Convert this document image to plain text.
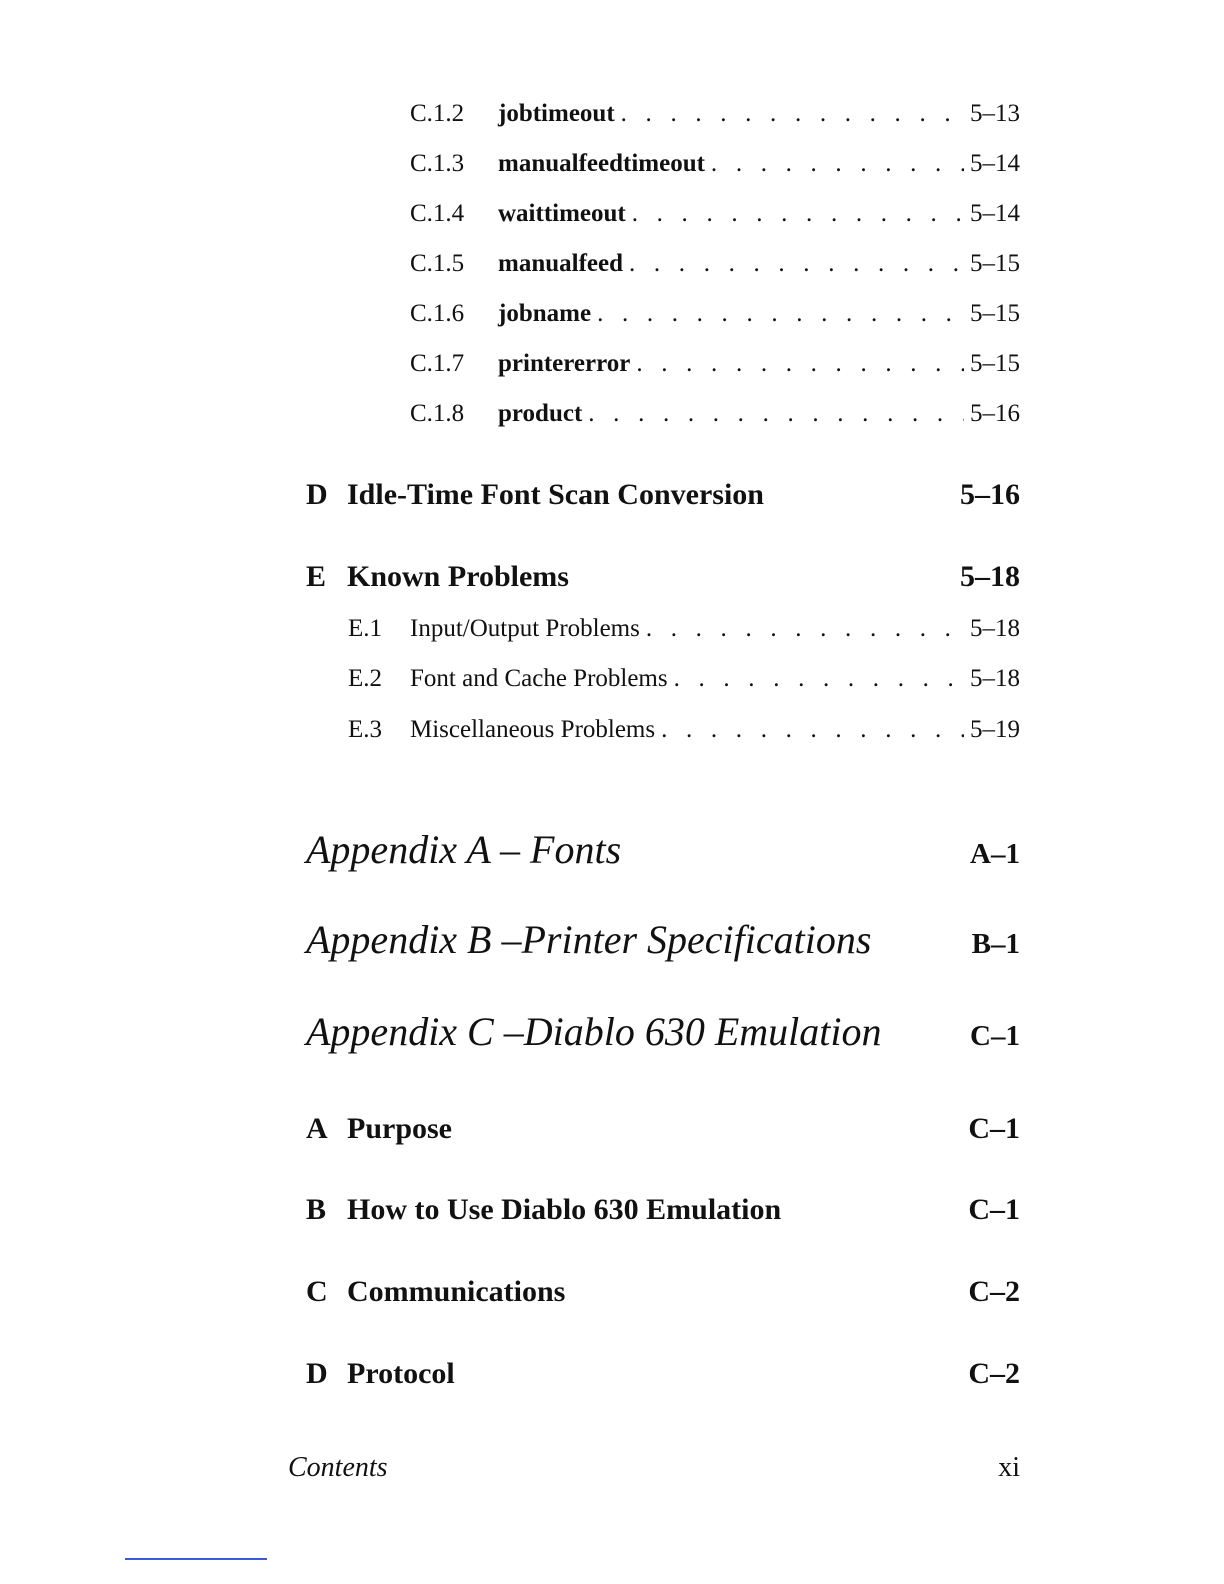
C.1.2	jobtimeout . . .	5–13
C.1.3	manualfeedtimeout . . .	5–14
C.1.4	waittimeout . . .	5–14
C.1.5	manualfeed . . .	5–15
C.1.6	jobname . . .	5–15
C.1.7	printererror . . .	5–15
C.1.8	product . . .	5–16
D Idle-Time Font Scan Conversion	5–16
E Known Problems	5–18
E.1	Input/Output Problems . . .	5–18
E.2	Font and Cache Problems . . .	5–18
E.3	Miscellaneous Problems . . .	5–19
Appendix A – Fonts	A–1
Appendix B –Printer Specifications	B–1
Appendix C –Diablo 630 Emulation	C–1
A Purpose	C–1
B How to Use Diablo 630 Emulation	C–1
C Communications	C–2
D Protocol	C–2
Contents	xi
